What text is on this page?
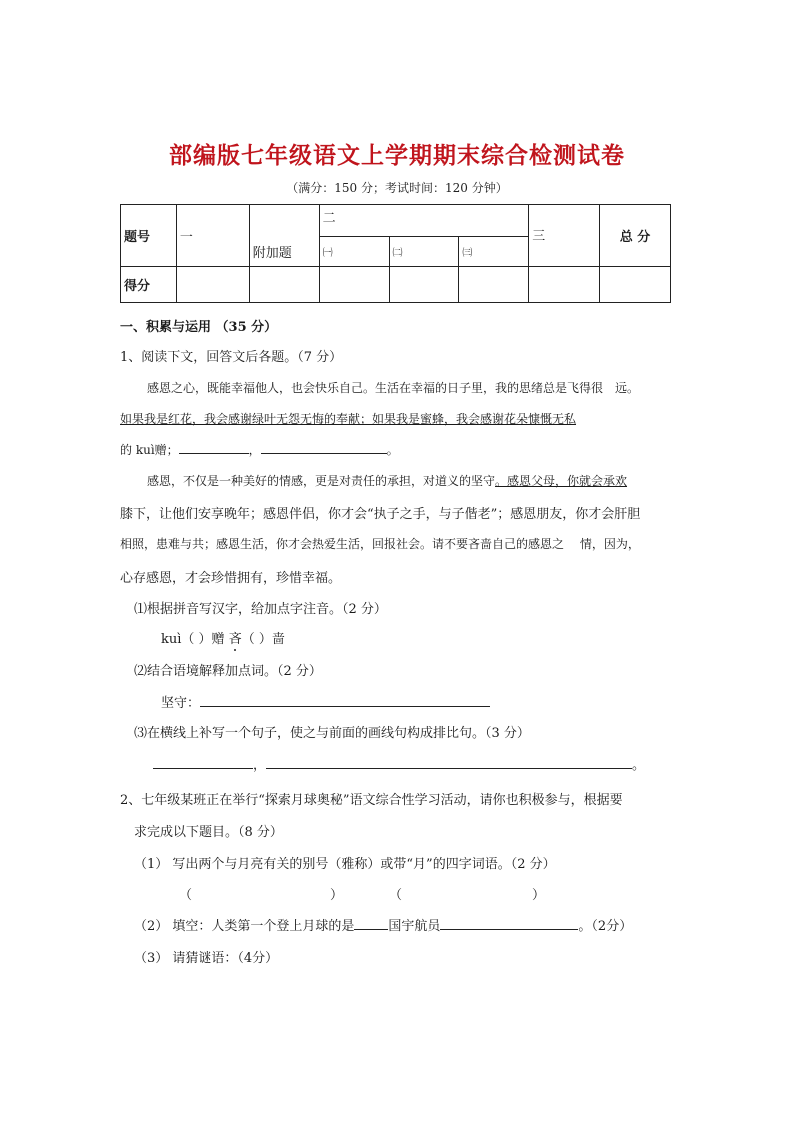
部编版七年级语文上学期期末综合检测试卷
（满分：150 分；考试时间：120 分钟）
题号	一	附加题	二			三	总 分
			㈠	㈡	㈢		
得分							
一、积累与运用 （35 分）
1、阅读下文，回答文后各题。（7 分）
感恩之心，既能幸福他人，也会快乐自己。生活在幸福的日子里，我的思绪总是飞得很　远。
如果我是红花，我会感谢绿叶无怨无悔的奉献；如果我是蜜蜂，我会感谢花朵慷慨无私
的 kuì赠；	，	。
感恩，不仅是一种美好的情感，更是对责任的承担，对道义的坚守。感恩父母，你就会承欢
膝下，让他们安享晚年；感恩伴侣，你才会“执子之手，与子偕老”；感恩朋友，你才会肝胆
相照，患难与共；感恩生活，你才会热爱生活，回报社会。请不要吝啬自己的感恩之　 情，因为，
心存感恩，才会珍惜拥有，珍惜幸福。
⑴根据拼音写汉字，给加点字注音。（2 分）
kuì（ ）赠 吝（ ）啬
⑵结合语境解释加点词。（2 分）
坚守：
⑶在横线上补写一个句子，使之与前面的画线句构成排比句。（3 分）
，	。
2、七年级某班正在举行“探索月球奥秘”语文综合性学习活动，请你也积极参与，根据要
求完成以下题目。（8 分）
（1） 写出两个与月亮有关的别号（雅称）或带“月”的四字词语。（2 分）
（	）	（	）
（2） 填空：人类第一个登上月球的是	国宇航员	。（2分）
（3） 请猜谜语：（4分）
